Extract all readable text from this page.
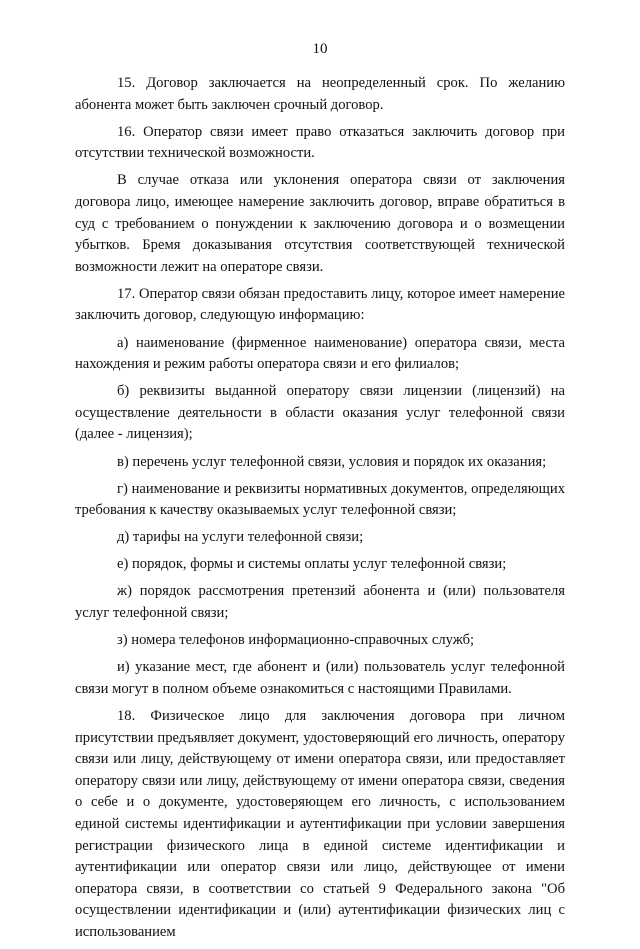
10

15. Договор заключается на неопределенный срок. По желанию абонента может быть заключен срочный договор.

16. Оператор связи имеет право отказаться заключить договор при отсутствии технической возможности.

В случае отказа или уклонения оператора связи от заключения договора лицо, имеющее намерение заключить договор, вправе обратиться в суд с требованием о понуждении к заключению договора и о возмещении убытков. Бремя доказывания отсутствия соответствующей технической возможности лежит на операторе связи.

17. Оператор связи обязан предоставить лицу, которое имеет намерение заключить договор, следующую информацию:

а) наименование (фирменное наименование) оператора связи, места нахождения и режим работы оператора связи и его филиалов;

б) реквизиты выданной оператору связи лицензии (лицензий) на осуществление деятельности в области оказания услуг телефонной связи (далее - лицензия);

в) перечень услуг телефонной связи, условия и порядок их оказания;

г) наименование и реквизиты нормативных документов, определяющих требования к качеству оказываемых услуг телефонной связи;

д) тарифы на услуги телефонной связи;

е) порядок, формы и системы оплаты услуг телефонной связи;

ж) порядок рассмотрения претензий абонента и (или) пользователя услуг телефонной связи;

з) номера телефонов информационно-справочных служб;

и) указание мест, где абонент и (или) пользователь услуг телефонной связи могут в полном объеме ознакомиться с настоящими Правилами.

18. Физическое лицо для заключения договора при личном присутствии предъявляет документ, удостоверяющий его личность, оператору связи или лицу, действующему от имени оператора связи, или предоставляет оператору связи или лицу, действующему от имени оператора связи, сведения о себе и о документе, удостоверяющем его личность, с использованием единой системы идентификации и аутентификации при условии завершения регистрации физического лица в единой системе идентификации и аутентификации или оператор связи или лицо, действующее от имени оператора связи, в соответствии со статьей 9 Федерального закона "Об осуществлении идентификации и (или) аутентификации физических лиц с использованием
